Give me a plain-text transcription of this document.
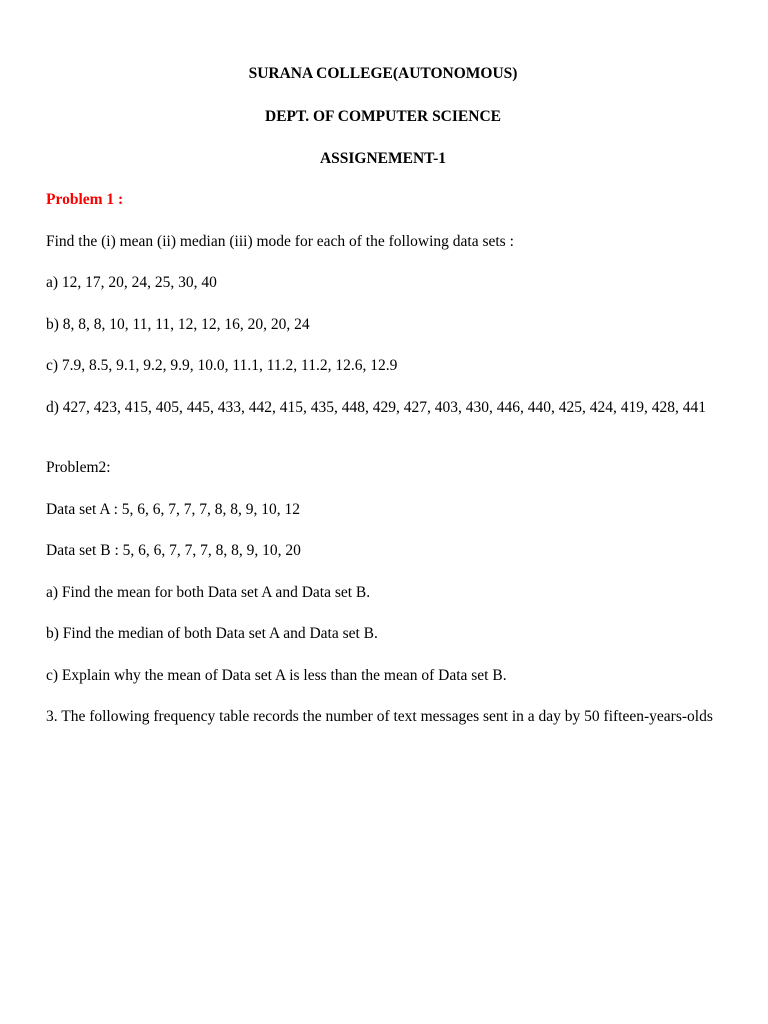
SURANA COLLEGE(AUTONOMOUS)
DEPT. OF COMPUTER SCIENCE
ASSIGNEMENT-1
Problem 1 :
Find the (i) mean (ii) median (iii) mode for each of the following data sets :
a) 12, 17, 20, 24, 25, 30, 40
b) 8, 8, 8, 10, 11, 11, 12, 12, 16, 20, 20, 24
c) 7.9, 8.5, 9.1, 9.2, 9.9, 10.0, 11.1, 11.2, 11.2, 12.6, 12.9
d) 427, 423, 415, 405, 445, 433, 442, 415, 435, 448, 429, 427, 403, 430, 446, 440, 425, 424, 419, 428, 441
Problem2:
Data set A : 5, 6, 6, 7, 7, 7, 8, 8, 9, 10, 12
Data set B : 5, 6, 6, 7, 7, 7, 8, 8, 9, 10, 20
a) Find the mean for both Data set A and Data set B.
b) Find the median of both Data set A and Data set B.
c) Explain why the mean of Data set A is less than the mean of Data set B.
3. The following frequency table records the number of text messages sent in a day by 50 fifteen-years-olds
